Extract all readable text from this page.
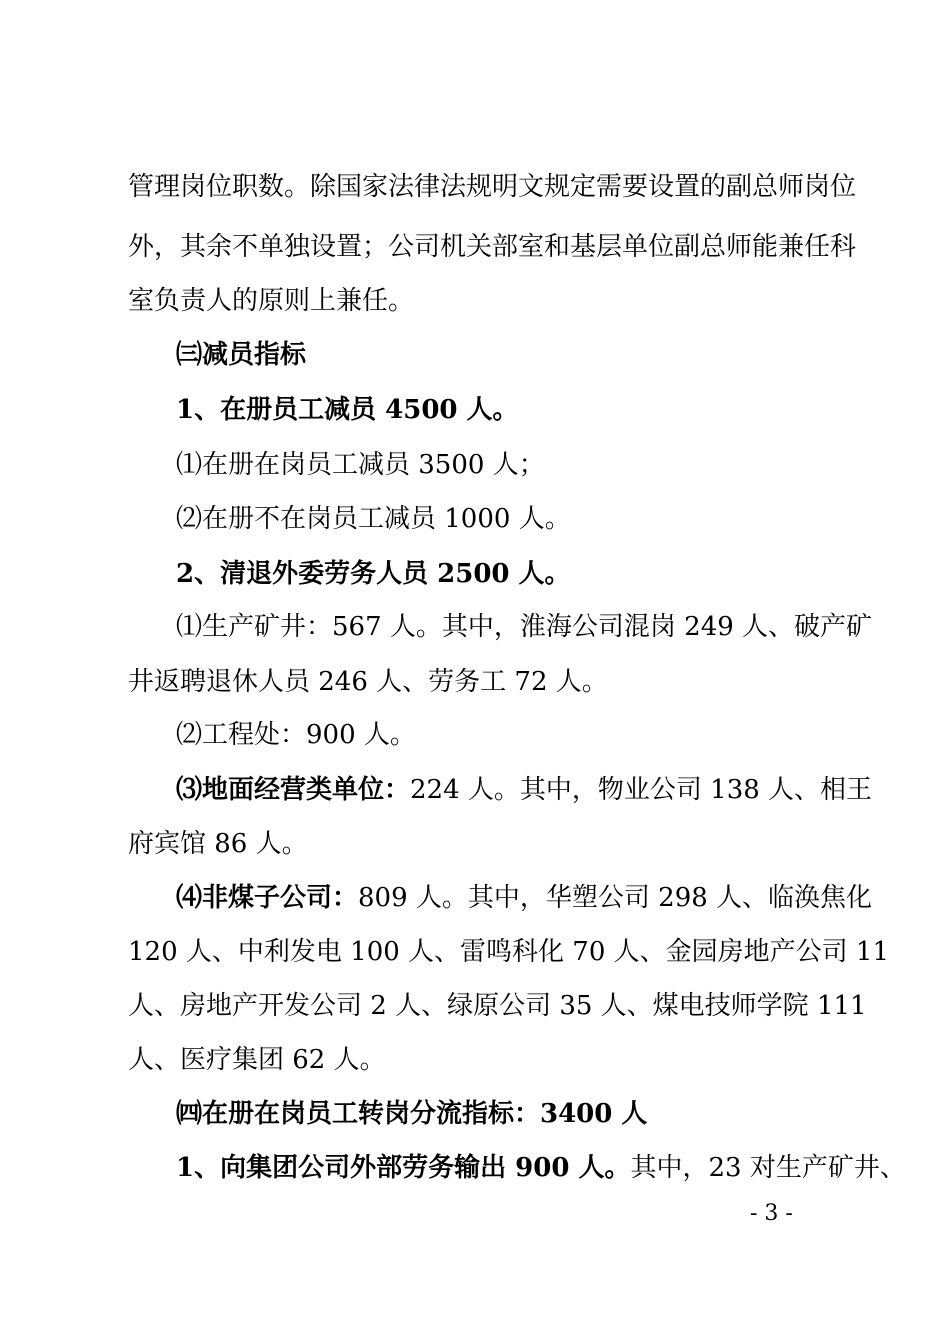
管理岗位职数。除国家法律法规明文规定需要设置的副总师岗位
外，其余不单独设置；公司机关部室和基层单位副总师能兼任科
室负责人的原则上兼任。
㈢减员指标
1、在册员工减员 4500 人。
⑴在册在岗员工减员 3500 人；
⑵在册不在岗员工减员 1000 人。
2、清退外委劳务人员 2500 人。
⑴生产矿井：567 人。其中，淮海公司混岗 249 人、破产矿
井返聘退休人员 246 人、劳务工 72 人。
⑵工程处：900 人。
⑶地面经营类单位：224 人。其中，物业公司 138 人、相王
府宾馆 86 人。
⑷非煤子公司：809 人。其中，华塑公司 298 人、临涣焦化
120 人、中利发电 100 人、雷鸣科化 70 人、金园房地产公司 11
人、房地产开发公司 2 人、绿原公司 35 人、煤电技师学院 111
人、医疗集团 62 人。
㈣在册在岗员工转岗分流指标：3400 人
1、向集团公司外部劳务输出 900 人。其中，23 对生产矿井、
- 3 -
